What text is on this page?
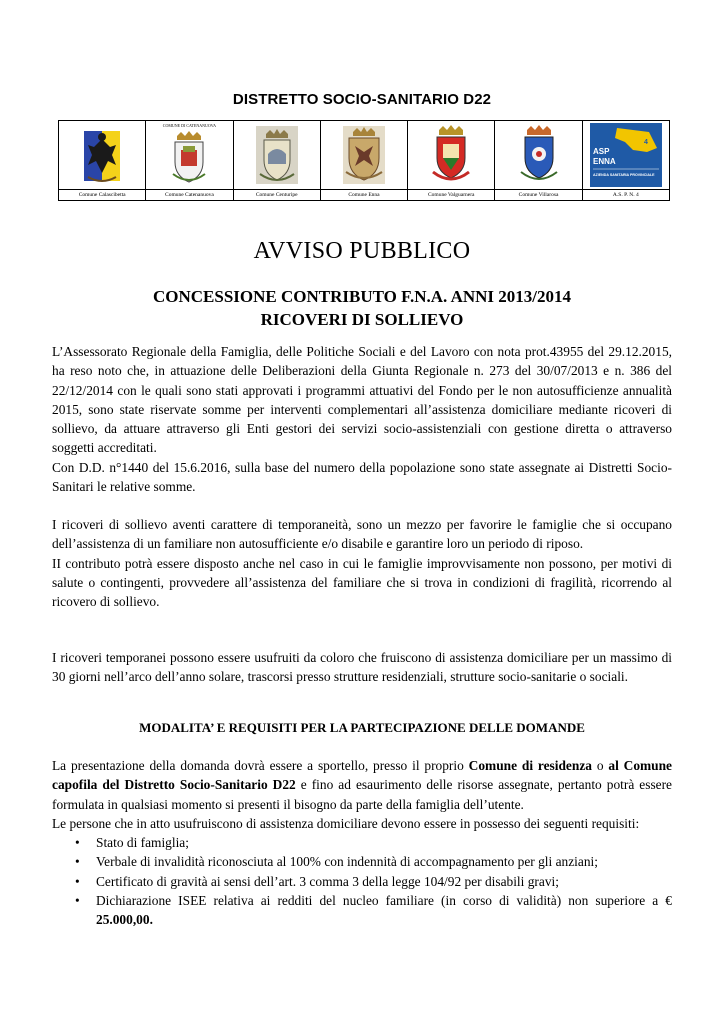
DISTRETTO SOCIO-SANITARIO D22

COMUNE DI CATENANUOVA					4
ASP
ENNA
AZIENDA SANITARIA PROVINCIALE

Comune Calascibetta	Comune Catenanuova	Comune Centuripe	Comune Enna	Comune Valguarnera	Comune Villarosa	A.S. P. N. 4
AVVISO PUBBLICO
CONCESSIONE CONTRIBUTO F.N.A. ANNI 2013/2014
RICOVERI DI SOLLIEVO

L’Assessorato Regionale della Famiglia, delle Politiche Sociali e del Lavoro con nota prot.43955 del 29.12.2015, ha reso noto che, in attuazione delle Deliberazioni della Giunta Regionale n. 273 del 30/07/2013 e n. 386 del 22/12/2014 con le quali sono stati approvati i programmi attuativi del Fondo per le non autosufficienze annualità 2015, sono state riservate somme per interventi complementari all’assistenza domiciliare mediante ricoveri di sollievo, da attuare attraverso gli Enti gestori dei servizi socio-assistenziali con gestione diretta o attraverso soggetti accreditati.

Con D.D. n°1440 del 15.6.2016, sulla base del numero della popolazione sono state assegnate ai Distretti Socio-Sanitari le relative somme.

I ricoveri di sollievo aventi carattere di temporaneità, sono un mezzo per favorire le famiglie che si occupano dell’assistenza di un familiare non autosufficiente e/o disabile e garantire loro un periodo di riposo.

II contributo potrà essere disposto anche nel caso in cui le famiglie improvvisamente non possono, per motivi di salute o contingenti, provvedere all’assistenza del familiare che si trova in condizioni di fragilità, ricorrendo al ricovero di sollievo.

I ricoveri temporanei possono essere usufruiti da coloro che fruiscono di assistenza domiciliare per un massimo di 30 giorni nell’arco dell’anno solare, trascorsi presso strutture residenziali, strutture socio-sanitarie o sociali.

MODALITA’ E REQUISITI PER LA PARTECIPAZIONE DELLE DOMANDE

La presentazione della domanda dovrà essere a sportello, presso il proprio Comune di residenza o al Comune capofila del Distretto Socio-Sanitario D22 e fino ad esaurimento delle risorse assegnate, pertanto potrà essere formulata in qualsiasi momento si presenti il bisogno da parte della famiglia dell’utente.

Le persone che in atto usufruiscono di assistenza domiciliare devono essere in possesso dei seguenti requisiti:

• Stato di famiglia;
• Verbale di invalidità riconosciuta al 100% con indennità di accompagnamento per gli anziani;
• Certificato di gravità ai sensi dell’art. 3 comma 3 della legge 104/92 per disabili gravi;
• Dichiarazione ISEE relativa ai redditi del nucleo familiare (in corso di validità) non superiore a € 25.000,00.
